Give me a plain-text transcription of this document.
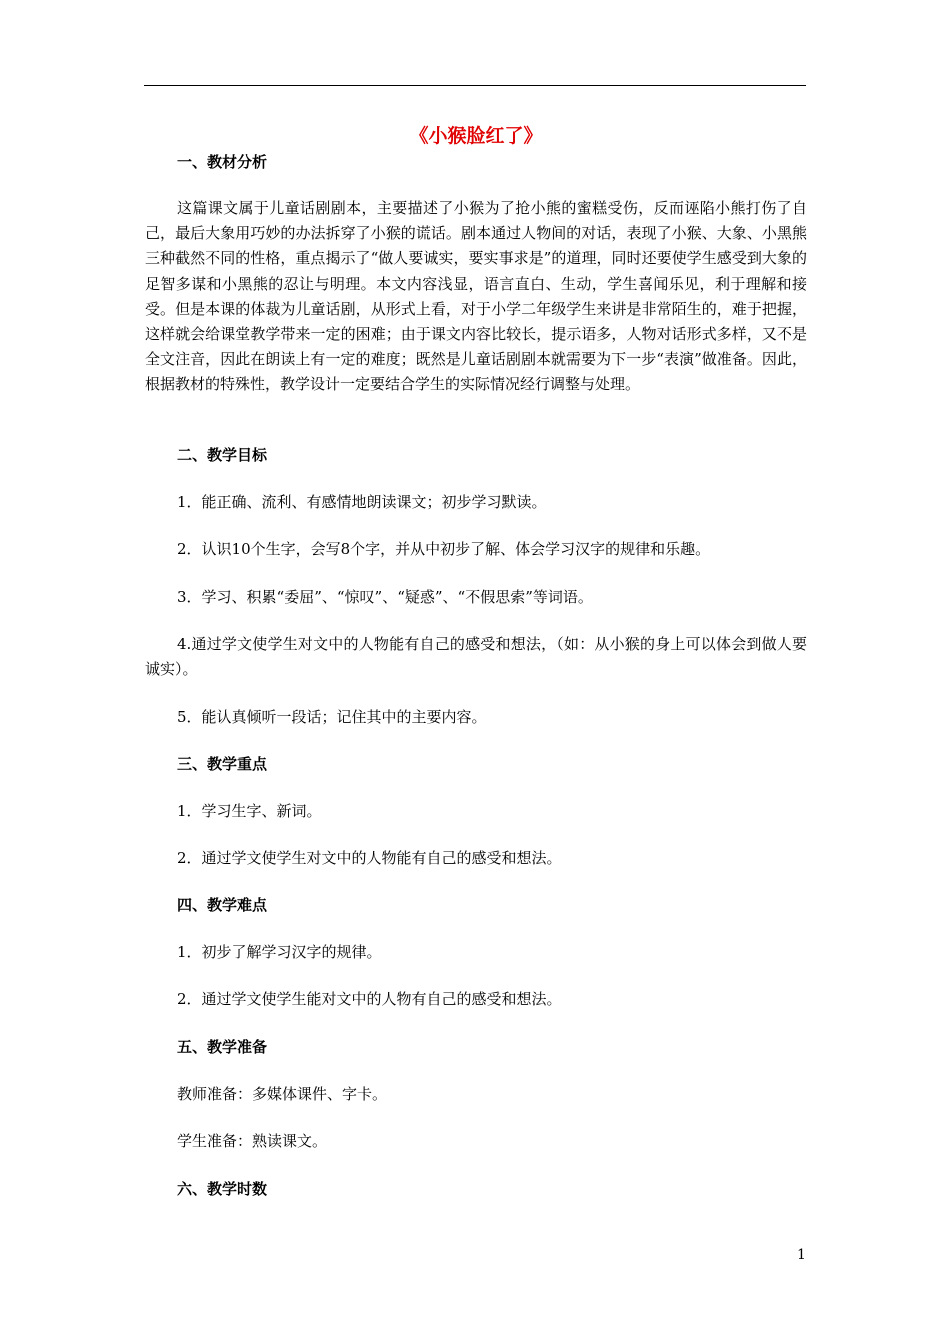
《小猴脸红了》
一、教材分析

这篇课文属于儿童话剧剧本，主要描述了小猴为了抢小熊的蜜糕受伤，反而诬陷小熊打伤了自己，最后大象用巧妙的办法拆穿了小猴的谎话。剧本通过人物间的对话，表现了小猴、大象、小黑熊三种截然不同的性格，重点揭示了“做人要诚实，要实事求是”的道理，同时还要使学生感受到大象的足智多谋和小黑熊的忍让与明理。本文内容浅显，语言直白、生动，学生喜闻乐见，利于理解和接受。但是本课的体裁为儿童话剧，从形式上看，对于小学二年级学生来讲是非常陌生的，难于把握，这样就会给课堂教学带来一定的困难；由于课文内容比较长，提示语多，人物对话形式多样，又不是全文注音，因此在朗读上有一定的难度；既然是儿童话剧剧本就需要为下一步“表演”做准备。因此，根据教材的特殊性，教学设计一定要结合学生的实际情况经行调整与处理。

二、教学目标
1．能正确、流利、有感情地朗读课文；初步学习默读。
2．认识10个生字，会写8个字，并从中初步了解、体会学习汉字的规律和乐趣。
3．学习、积累“委屈”、“惊叹”、“疑惑”、“不假思索”等词语。

4.通过学文使学生对文中的人物能有自己的感受和想法，（如：从小猴的身上可以体会到做人要诚实）。

5．能认真倾听一段话；记住其中的主要内容。
三、教学重点
1．学习生字、新词。
2．通过学文使学生对文中的人物能有自己的感受和想法。
四、教学难点
1．初步了解学习汉字的规律。
2．通过学文使学生能对文中的人物有自己的感受和想法。
五、教学准备
教师准备：多媒体课件、字卡。
学生准备：熟读课文。
六、教学时数
1
